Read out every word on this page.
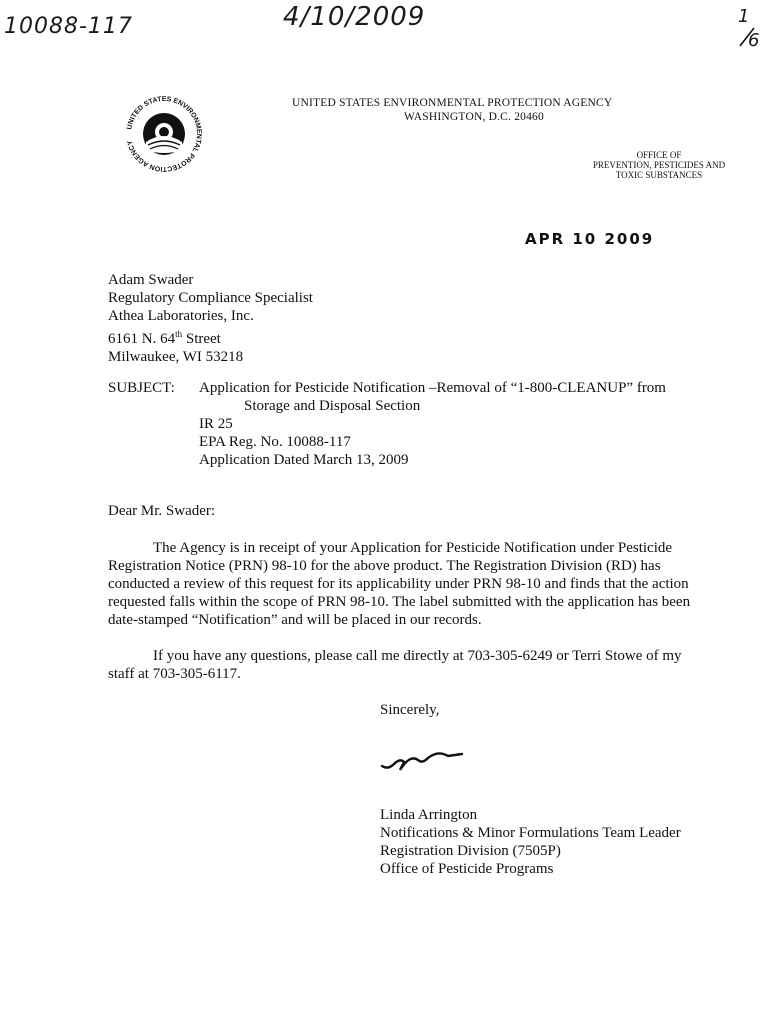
10088-117	4/10/2009	1
6
UNITED STATES ENVIRONMENTAL PROTECTION AGENCY
UNITED STATES ENVIRONMENTAL PROTECTION AGENCY
WASHINGTON, D.C. 20460
OFFICE OF
PREVENTION, PESTICIDES AND
TOXIC SUBSTANCES
APR 10 2009
Adam Swader
Regulatory Compliance Specialist
Athea Laboratories, Inc.
6161 N. 64th Street
Milwaukee, WI 53218
SUBJECT: Application for Pesticide Notification –Removal of “1-800-CLEANUP” from
Storage and Disposal Section
IR 25
EPA Reg. No. 10088-117
Application Dated March 13, 2009
Dear Mr. Swader:
The Agency is in receipt of your Application for Pesticide Notification under Pesticide Registration Notice (PRN) 98-10 for the above product. The Registration Division (RD) has conducted a review of this request for its applicability under PRN 98-10 and finds that the action requested falls within the scope of PRN 98-10. The label submitted with the application has been date-stamped “Notification” and will be placed in our records.
If you have any questions, please call me directly at 703-305-6249 or Terri Stowe of my staff at 703-305-6117.
Sincerely,
Linda Arrington
Notifications & Minor Formulations Team Leader
Registration Division (7505P)
Office of Pesticide Programs
